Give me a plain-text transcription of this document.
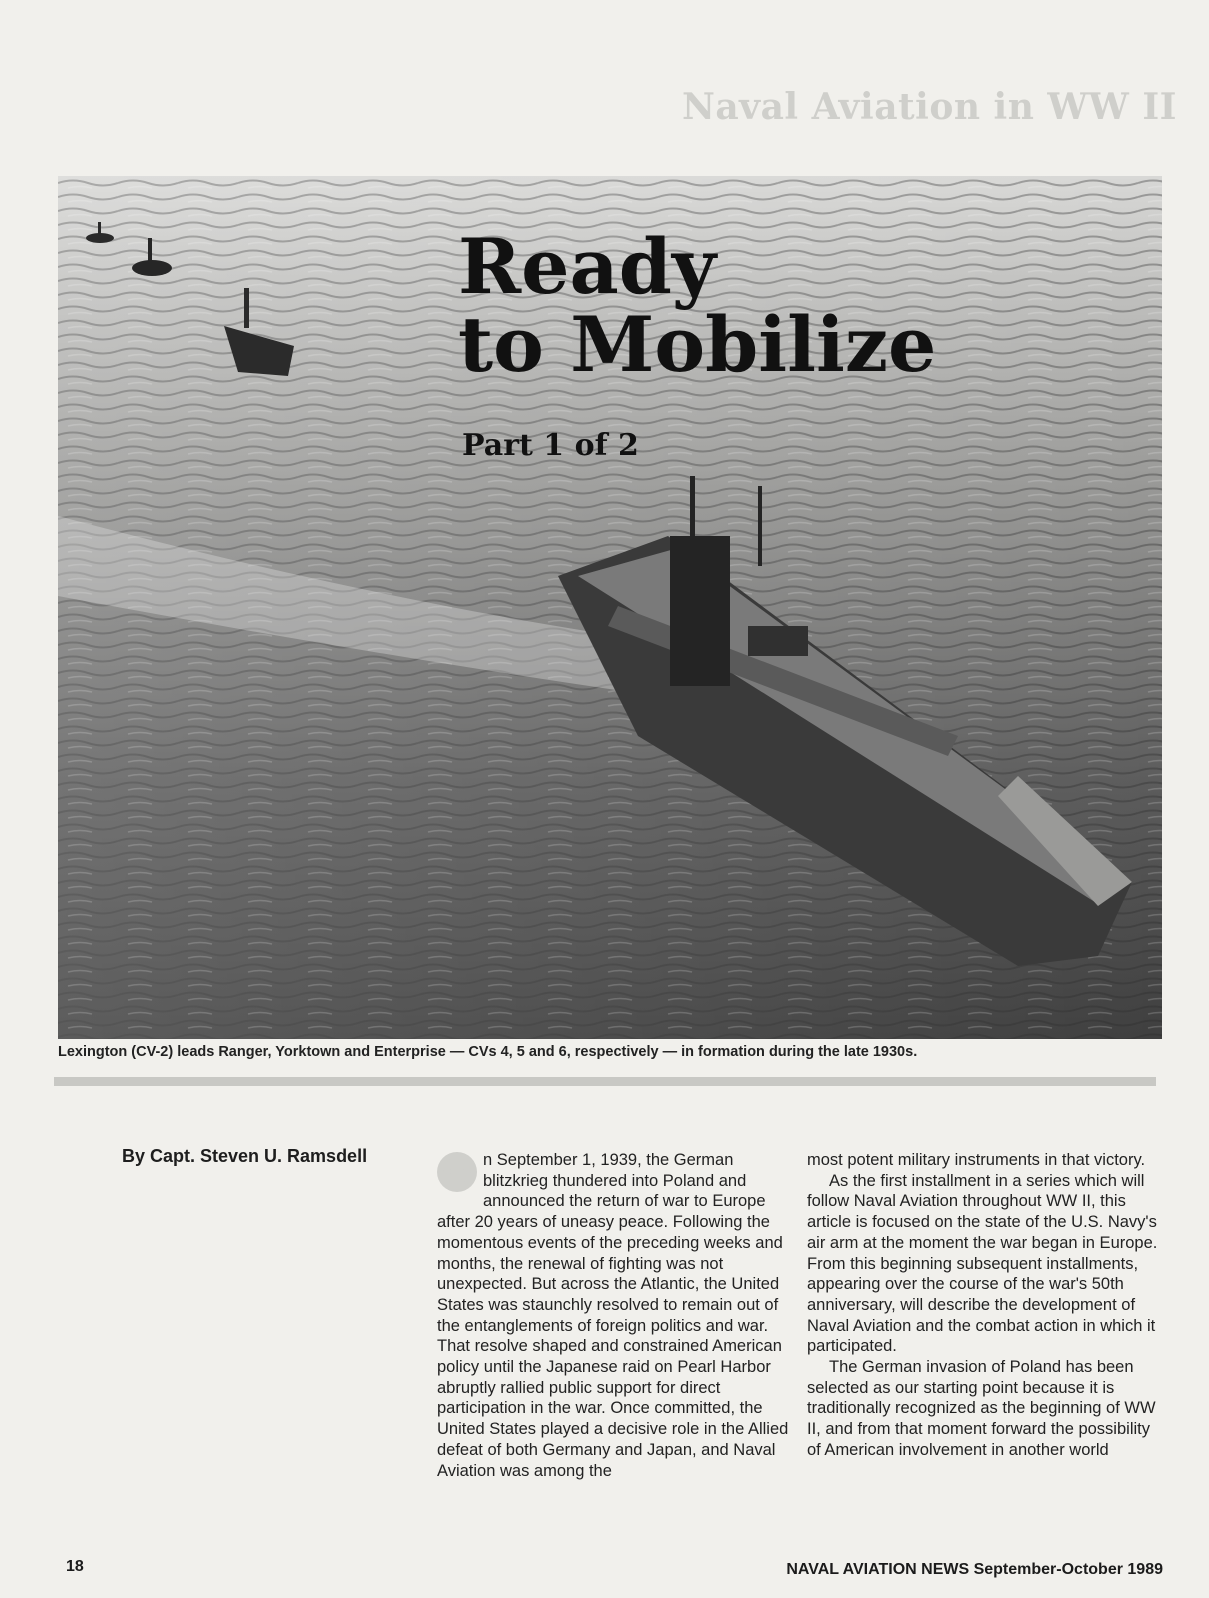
Naval Aviation in WW II
Ready
to Mobilize
Part 1 of 2

Lexington (CV-2) leads Ranger, Yorktown and Enterprise — CVs 4, 5 and 6, respectively — in formation during the late 1930s.

By Capt. Steven U. Ramsdell O n September 1, 1939, the German blitzkrieg thundered into Poland and announced the return of war to Europe after 20 years of uneasy peace. Following the momentous events of the preceding weeks and months, the renewal of fighting was not unexpected. But across the Atlantic, the United States was staunchly resolved to remain out of the entanglements of foreign politics and war. That resolve shaped and constrained American policy until the Japanese raid on Pearl Harbor abruptly rallied public support for direct participation in the war. Once committed, the United States played a decisive role in the Allied defeat of both Germany and Japan, and Naval Aviation was among the

most potent military instruments in that victory.

As the first installment in a series which will follow Naval Aviation throughout WW II, this article is focused on the state of the U.S. Navy's air arm at the moment the war began in Europe. From this beginning subsequent installments, appearing over the course of the war's 50th anniversary, will describe the development of Naval Aviation and the combat action in which it participated.

The German invasion of Poland has been selected as our starting point because it is traditionally recognized as the beginning of WW II, and from that moment forward the possibility of American involvement in another world

18	NAVAL AVIATION NEWS September-October 1989
